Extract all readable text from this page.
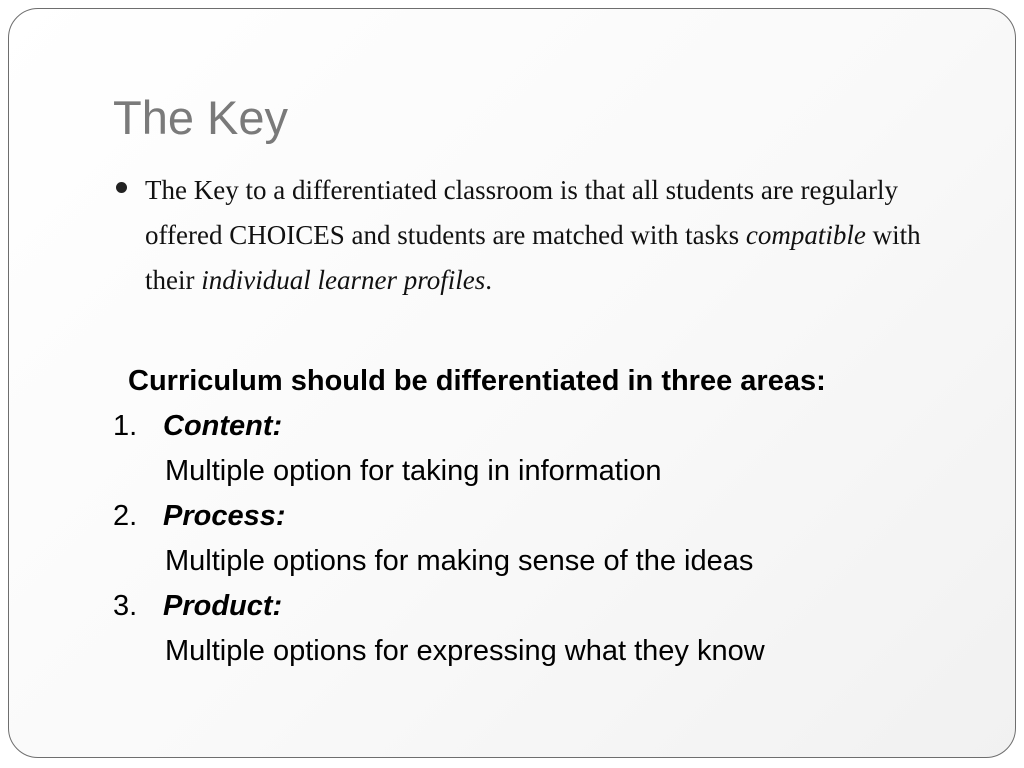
The Key
The Key to a differentiated classroom is that all students are regularly offered CHOICES and students are matched with tasks compatible with their individual learner profiles.
Curriculum should be differentiated in three areas:
1. Content:
Multiple option for taking in information
2. Process:
Multiple options for making sense of the ideas
3. Product:
Multiple options for expressing what they know
